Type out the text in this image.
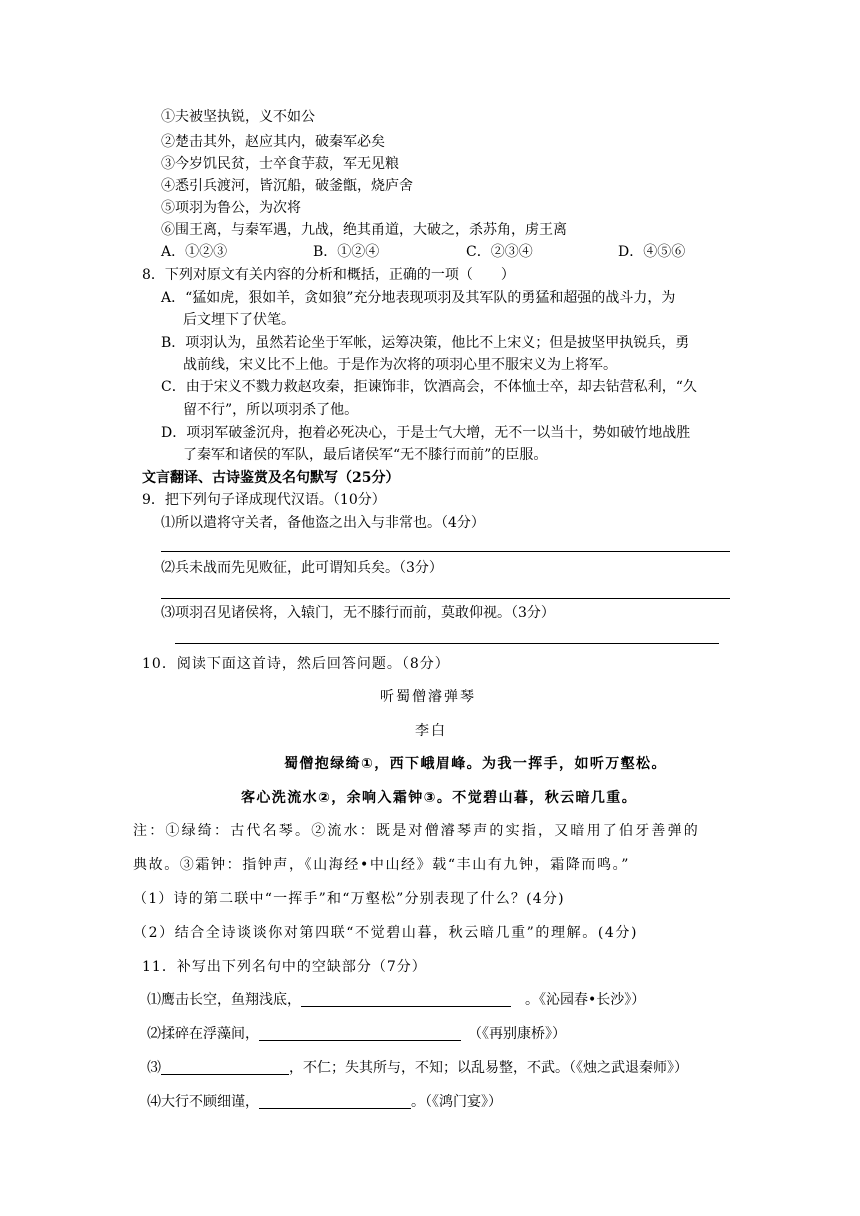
①夫被坚执锐，义不如公
②楚击其外，赵应其内，破秦军必矣
③今岁饥民贫，士卒食芋菽，军无见粮
④悉引兵渡河，皆沉船，破釜甑，烧庐舍
⑤项羽为鲁公，为次将
⑥围王离，与秦军遇，九战，绝其甬道，大破之，杀苏角，虏王离
A．①②③	B．①②④	C．②③④	D．④⑤⑥
8．下列对原文有关内容的分析和概括，正确的一项（　　）
A．“猛如虎，狠如羊，贪如狼”充分地表现项羽及其军队的勇猛和超强的战斗力，为
后文埋下了伏笔。
B．项羽认为，虽然若论坐于军帐，运筹决策，他比不上宋义；但是披坚甲执锐兵，勇
战前线，宋义比不上他。于是作为次将的项羽心里不服宋义为上将军。
C．由于宋义不戮力救赵攻秦，拒谏饰非，饮酒高会，不体恤士卒，却去钻营私利，“久
留不行”，所以项羽杀了他。
D．项羽军破釜沉舟，抱着必死决心，于是士气大增，无不一以当十，势如破竹地战胜
了秦军和诸侯的军队，最后诸侯军“无不膝行而前”的臣服。
文言翻译、古诗鉴赏及名句默写（25分）
9．把下列句子译成现代汉语。（10分）
⑴所以遣将守关者，备他盗之出入与非常也。（4分）
⑵兵未战而先见败征，此可谓知兵矣。（3分）
⑶项羽召见诸侯将，入辕门，无不膝行而前，莫敢仰视。（3分）
10．阅读下面这首诗，然后回答问题。（8分）
听蜀僧濬弹琴
李白
蜀僧抱绿绮①，西下峨眉峰。为我一挥手，如听万壑松。
客心洗流水②，余响入霜钟③。不觉碧山暮，秋云暗几重。
注：①绿绮：古代名琴。②流水：既是对僧濬琴声的实指，又暗用了伯牙善弹的
典故。③霜钟：指钟声，《山海经•中山经》载“丰山有九钟，霜降而鸣。”
（1）诗的第二联中“一挥手”和“万壑松”分别表现了什么？(4分)
（2）结合全诗谈谈你对第四联“不觉碧山暮，秋云暗几重”的理解。(4分)
11．补写出下列名句中的空缺部分（7分）
⑴鹰击长空，鱼翔浅底， 	。《沁园春•长沙》）
⑵揉碎在浮藻间， 	（《再别康桥》）
⑶	，不仁；失其所与，不知；以乱易整，不武。（《烛之武退秦师》）
⑷大行不顾细谨，	。（《鸿门宴》）
